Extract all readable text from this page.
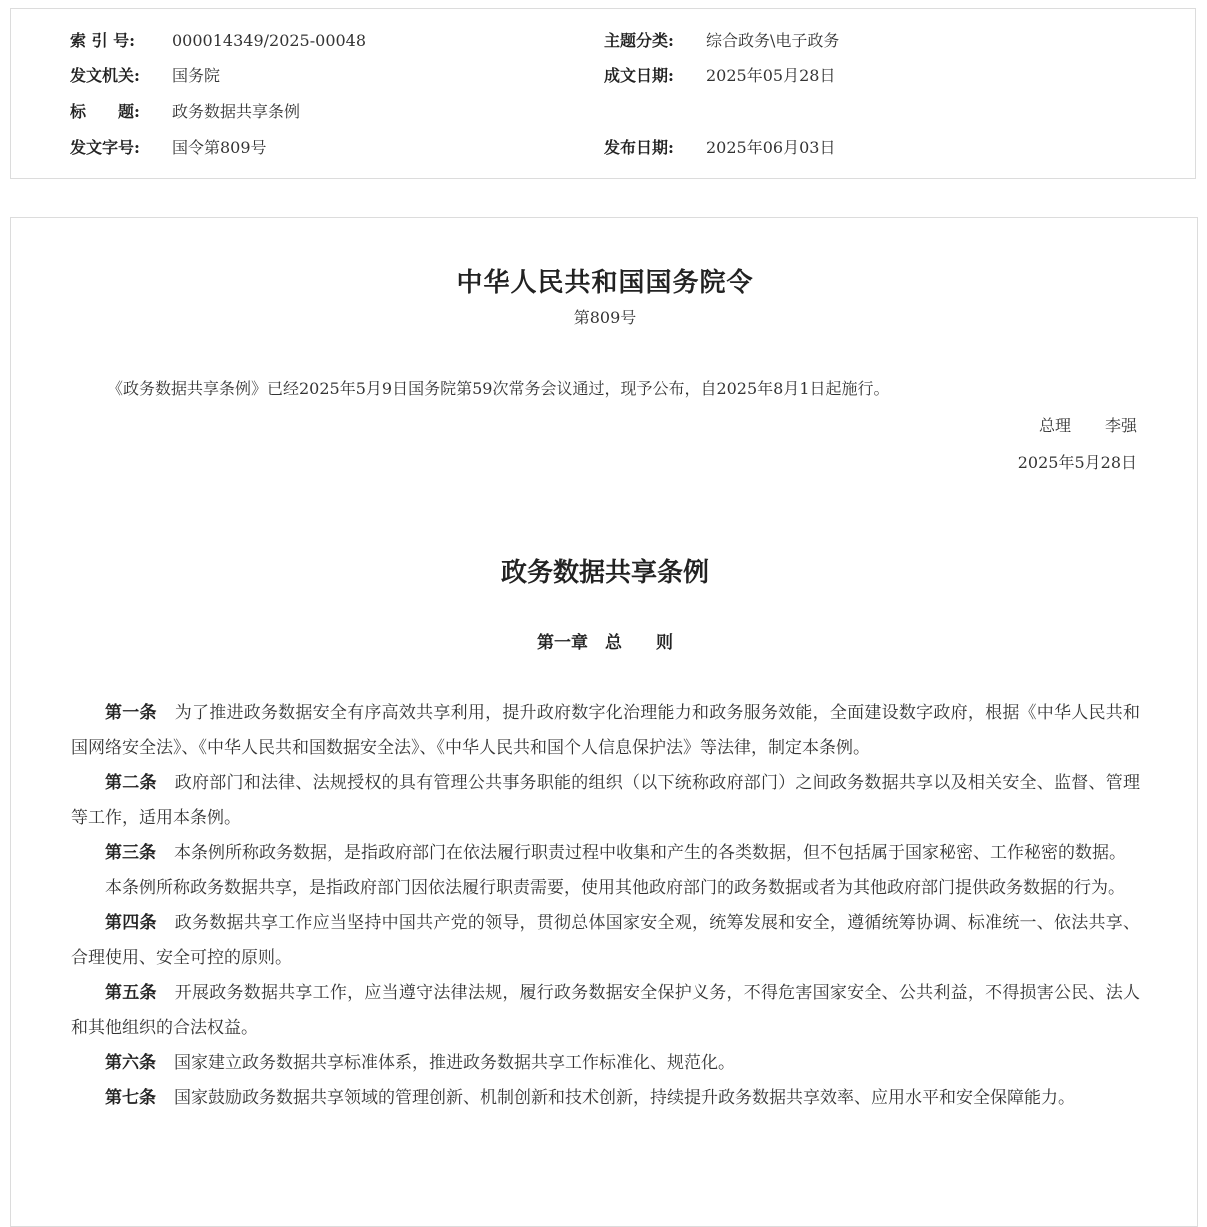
索 引 号: 000014349/2025-00048	主题分类: 综合政务\电子政务
发文机关: 国务院	成文日期: 2025年05月28日
标　　题: 政务数据共享条例
发文字号: 国令第809号	发布日期: 2025年06月03日
中华人民共和国国务院令
第809号
《政务数据共享条例》已经2025年5月9日国务院第59次常务会议通过，现予公布，自2025年8月1日起施行。
总理 李强
2025年5月28日
政务数据共享条例
第一章　总　　则

第一条 为了推进政务数据安全有序高效共享利用，提升政府数字化治理能力和政务服务效能，全面建设数字政府，根据《中华人民共和国网络安全法》、《中华人民共和国数据安全法》、《中华人民共和国个人信息保护法》等法律，制定本条例。

第二条 政府部门和法律、法规授权的具有管理公共事务职能的组织（以下统称政府部门）之间政务数据共享以及相关安全、监督、管理等工作，适用本条例。

第三条 本条例所称政务数据，是指政府部门在依法履行职责过程中收集和产生的各类数据，但不包括属于国家秘密、工作秘密的数据。

本条例所称政务数据共享，是指政府部门因依法履行职责需要，使用其他政府部门的政务数据或者为其他政府部门提供政务数据的行为。

第四条 政务数据共享工作应当坚持中国共产党的领导，贯彻总体国家安全观，统筹发展和安全，遵循统筹协调、标准统一、依法共享、合理使用、安全可控的原则。

第五条 开展政务数据共享工作，应当遵守法律法规，履行政务数据安全保护义务，不得危害国家安全、公共利益，不得损害公民、法人和其他组织的合法权益。

第六条 国家建立政务数据共享标准体系，推进政务数据共享工作标准化、规范化。

第七条 国家鼓励政务数据共享领域的管理创新、机制创新和技术创新，持续提升政务数据共享效率、应用水平和安全保障能力。
